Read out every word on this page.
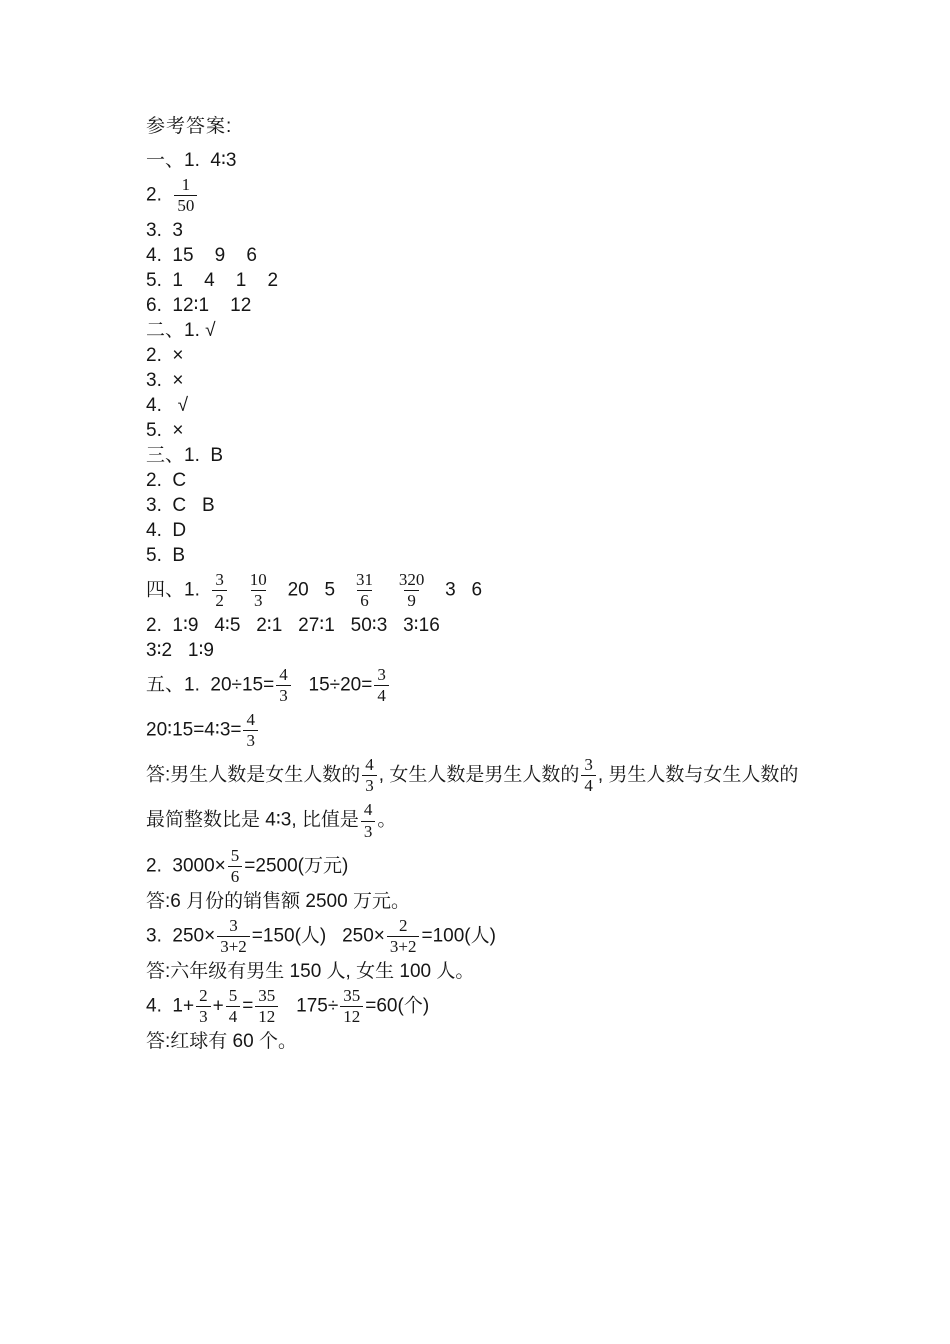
参考答案:
一、1.  4∶3
2. $\frac{1}{50}$
3.  3
4.  15    9    6
5.  1    4    1    2
6.  12∶1    12
二、1. √
2.  ×
3.  ×
4.   √
5.  ×
三、1.  B
2.  C
3.  C   B
4.  D
5.  B
四、1. $\frac{3}{2}$
$\frac{10}{3} 20$   $5 \frac{31}{6}$
$\frac{320}{9} 3$   6
2.  1∶9   4∶5   2∶1   27∶1   50∶3   3∶16
3∶2   1∶9
五、1.  $20\div 15= \frac{4}{3} 15\div 20= \frac{3}{4}$
20∶15=4∶3= $\frac{4}{3}$
答:男生人数是女生人数的 $\frac{4}{3}$ , 女生人数是男生人数的 $\frac{3}{4}$ , 男生人数与女生人数的
最简整数比是 4∶3, 比值是 $\frac{4}{3}$ 。
2.  $3000\times \frac{5}{6} =2500$(万元)
答:6 月份的销售额 2500 万元。
3.  $250\times \frac{3}{3+2} =150$(人)   $250\times \frac{2}{3+2} =100$(人)
答:六年级有男生 150 人, 女生 100 人。
4.  $1+ \frac{2}{3} + \frac{5}{4} = \frac{35}{12} 175\div \frac{35}{12} =60$(个)
答:红球有 60 个。
